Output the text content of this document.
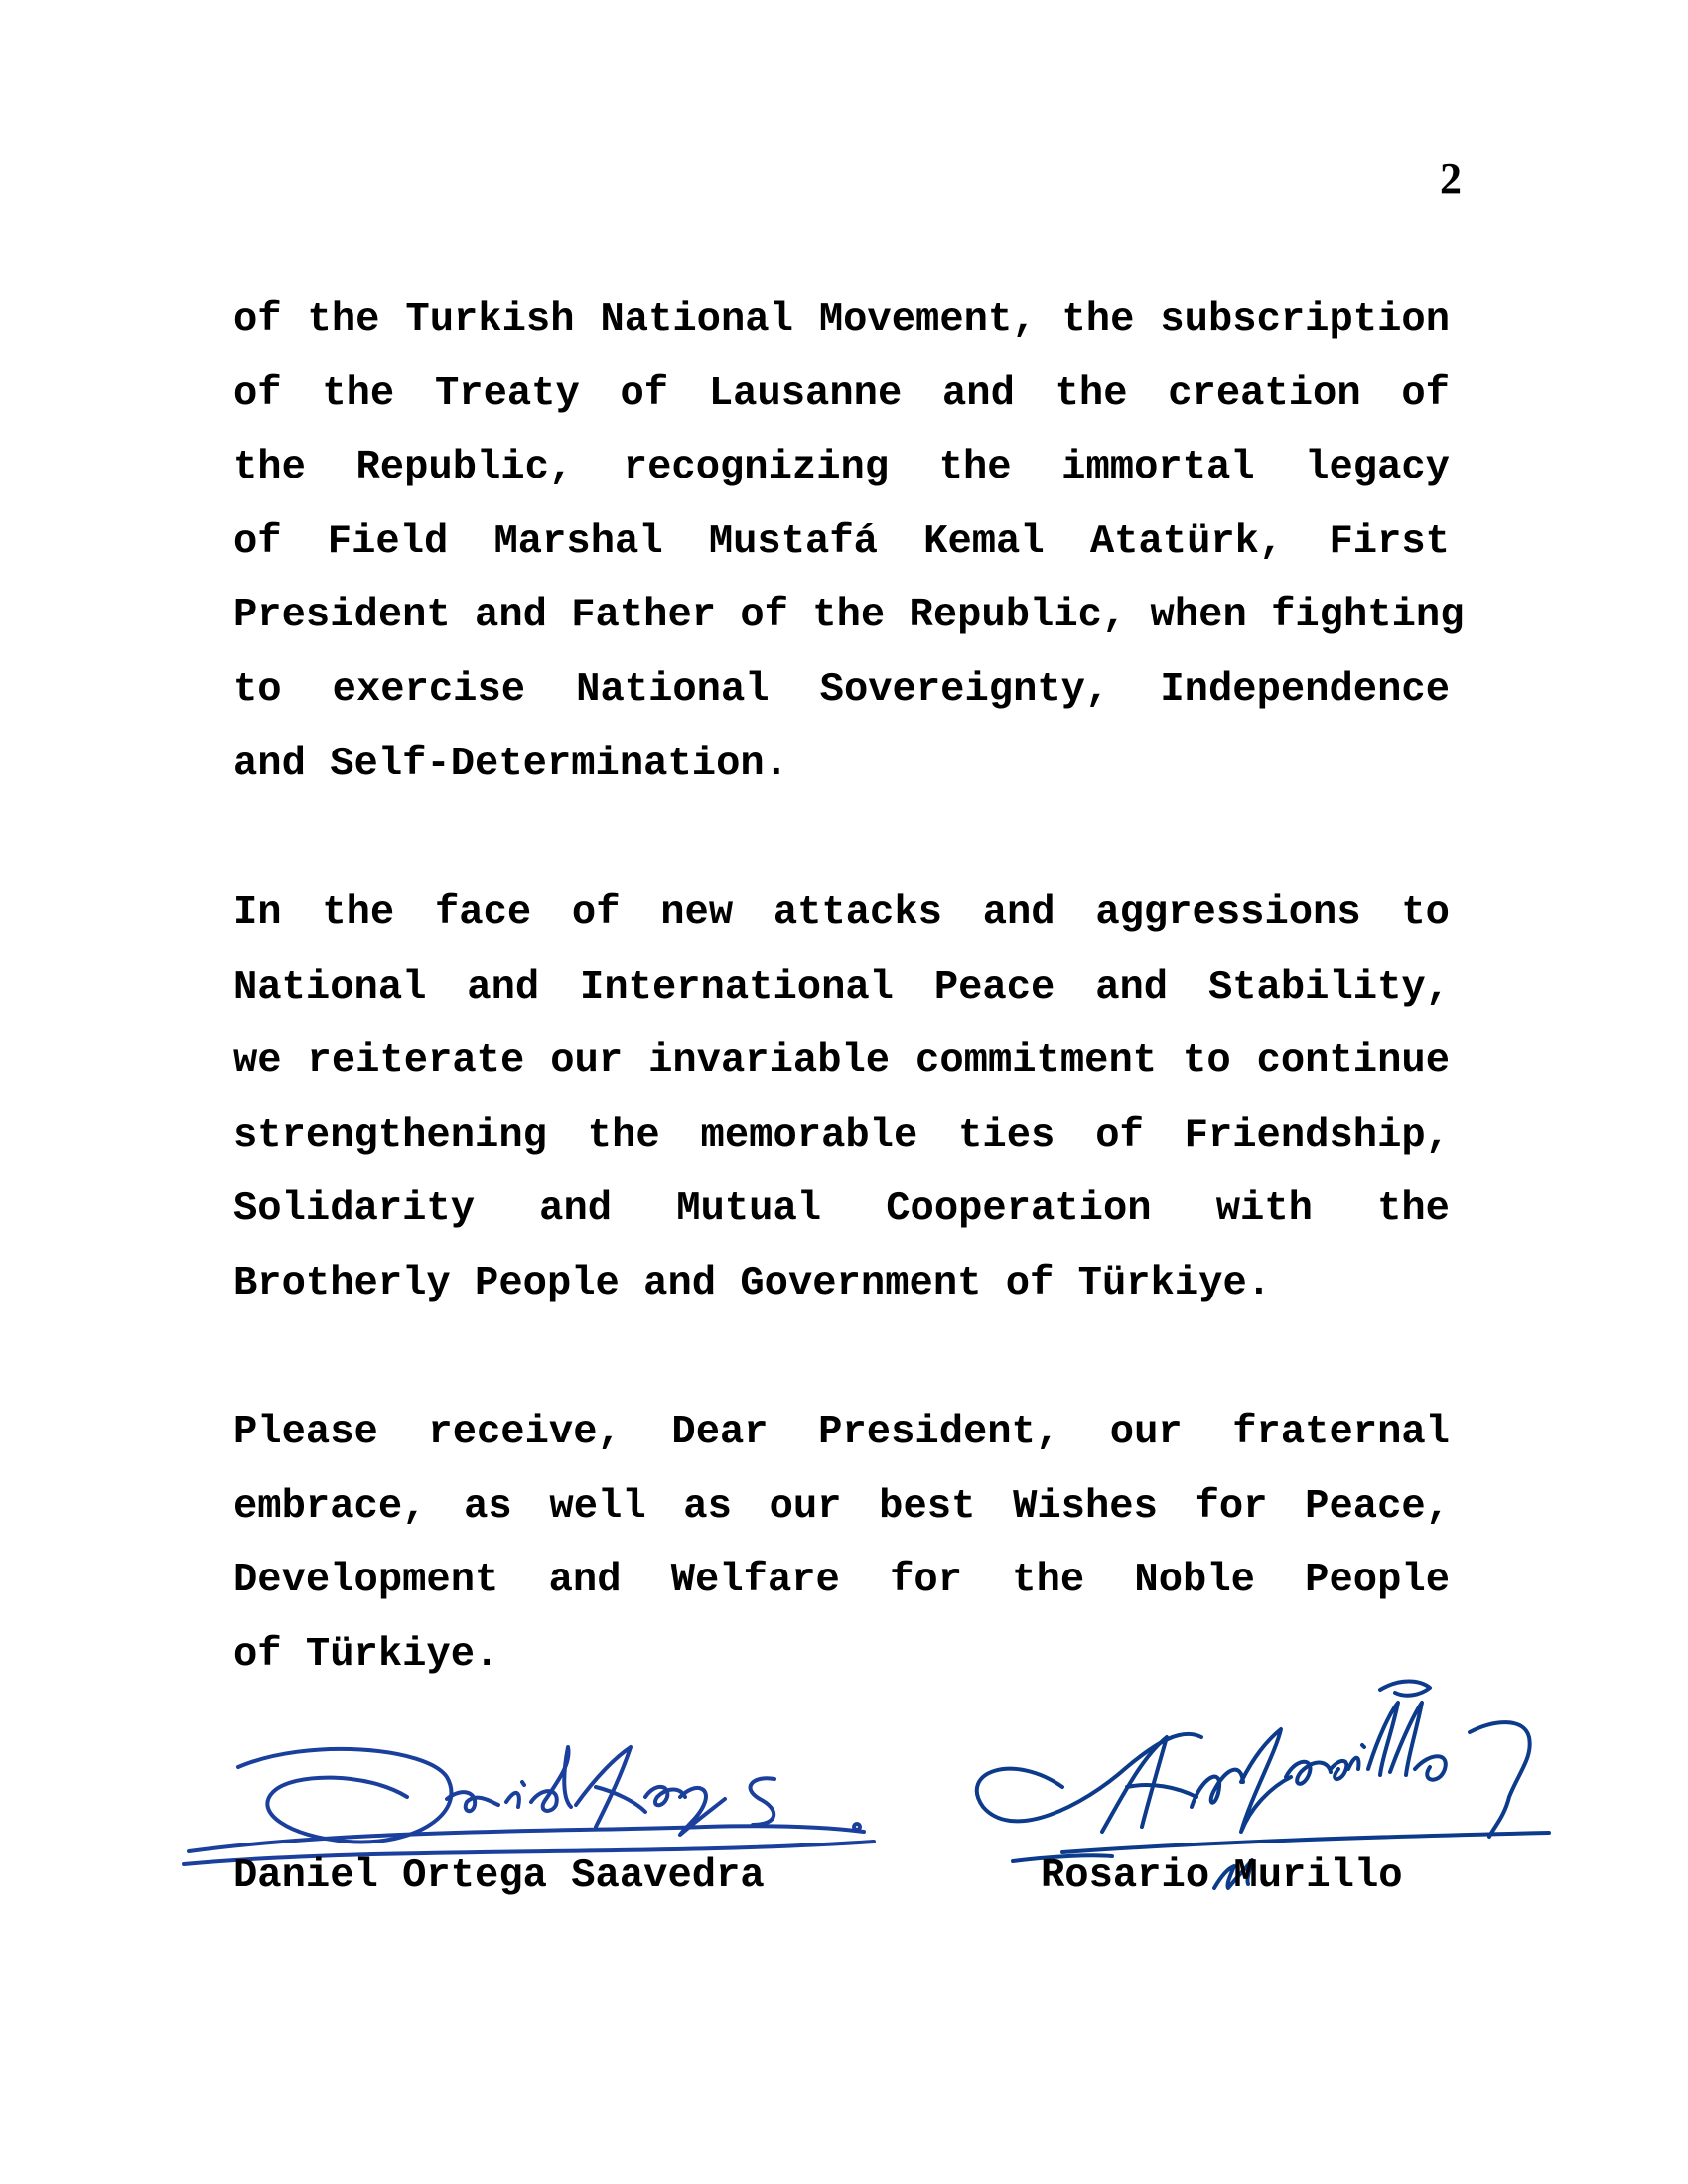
2
of the Turkish National Movement, the subscription
of the Treaty of Lausanne and the creation of
the Republic, recognizing the immortal legacy
of Field Marshal Mustafá Kemal Atatürk, First
President and Father of the Republic, when fighting
to exercise National Sovereignty, Independence
and Self-Determination.
In the face of new attacks and aggressions to
National and International Peace and Stability,
we reiterate our invariable commitment to continue
strengthening the memorable ties of Friendship,
Solidarity and Mutual Cooperation with the
Brotherly People and Government of Türkiye.
Please receive, Dear President, our fraternal
embrace, as well as our best Wishes for Peace,
Development and Welfare for the Noble People
of Türkiye.
Daniel Ortega Saavedra	Rosario Murillo
